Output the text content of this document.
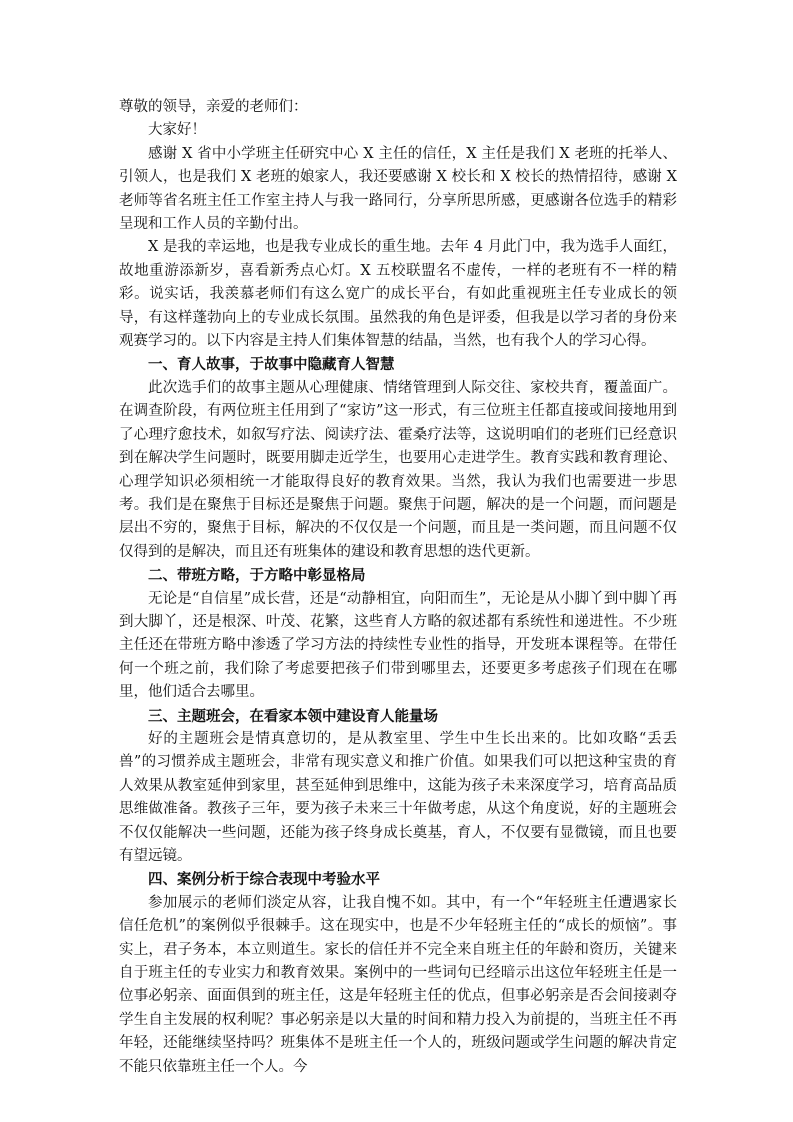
尊敬的领导，亲爱的老师们：

大家好！

感谢 X 省中小学班主任研究中心 X 主任的信任，X 主任是我们 X 老班的托举人、引领人，也是我们 X 老班的娘家人，我还要感谢 X 校长和 X 校长的热情招待，感谢 X 老师等省名班主任工作室主持人与我一路同行，分享所思所感，更感谢各位选手的精彩呈现和工作人员的辛勤付出。

X 是我的幸运地，也是我专业成长的重生地。去年 4 月此门中，我为选手人面红，故地重游添新岁，喜看新秀点心灯。X 五校联盟名不虚传，一样的老班有不一样的精彩。说实话，我羡慕老师们有这么宽广的成长平台，有如此重视班主任专业成长的领导，有这样蓬勃向上的专业成长氛围。虽然我的角色是评委，但我是以学习者的身份来观赛学习的。以下内容是主持人们集体智慧的结晶，当然，也有我个人的学习心得。

一、育人故事，于故事中隐藏育人智慧

此次选手们的故事主题从心理健康、情绪管理到人际交往、家校共育，覆盖面广。在调查阶段，有两位班主任用到了“家访”这一形式，有三位班主任都直接或间接地用到了心理疗愈技术，如叙写疗法、阅读疗法、霍桑疗法等，这说明咱们的老班们已经意识到在解决学生问题时，既要用脚走近学生，也要用心走进学生。教育实践和教育理论、心理学知识必须相统一才能取得良好的教育效果。当然，我认为我们也需要进一步思考。我们是在聚焦于目标还是聚焦于问题。聚焦于问题，解决的是一个问题，而问题是层出不穷的，聚焦于目标，解决的不仅仅是一个问题，而且是一类问题，而且问题不仅仅得到的是解决，而且还有班集体的建设和教育思想的迭代更新。

二、带班方略，于方略中彰显格局

无论是“自信星”成长营，还是“动静相宜，向阳而生”，无论是从小脚丫到中脚丫再到大脚丫，还是根深、叶茂、花繁，这些育人方略的叙述都有系统性和递进性。不少班主任还在带班方略中渗透了学习方法的持续性专业性的指导，开发班本课程等。在带任何一个班之前，我们除了考虑要把孩子们带到哪里去，还要更多考虑孩子们现在在哪里，他们适合去哪里。

三、主题班会，在看家本领中建设育人能量场

好的主题班会是情真意切的，是从教室里、学生中生长出来的。比如攻略“丢丢兽”的习惯养成主题班会，非常有现实意义和推广价值。如果我们可以把这种宝贵的育人效果从教室延伸到家里，甚至延伸到思维中，这能为孩子未来深度学习，培育高品质思维做准备。教孩子三年，要为孩子未来三十年做考虑，从这个角度说，好的主题班会不仅仅能解决一些问题，还能为孩子终身成长奠基，育人，不仅要有显微镜，而且也要有望远镜。

四、案例分析于综合表现中考验水平

参加展示的老师们淡定从容，让我自愧不如。其中，有一个“年轻班主任遭遇家长信任危机”的案例似乎很棘手。这在现实中，也是不少年轻班主任的“成长的烦恼”。事实上，君子务本，本立则道生。家长的信任并不完全来自班主任的年龄和资历，关键来自于班主任的专业实力和教育效果。案例中的一些词句已经暗示出这位年轻班主任是一位事必躬亲、面面俱到的班主任，这是年轻班主任的优点，但事必躬亲是否会间接剥夺学生自主发展的权利呢？事必躬亲是以大量的时间和精力投入为前提的，当班主任不再年轻，还能继续坚持吗？班集体不是班主任一个人的，班级问题或学生问题的解决肯定不能只依靠班主任一个人。今
